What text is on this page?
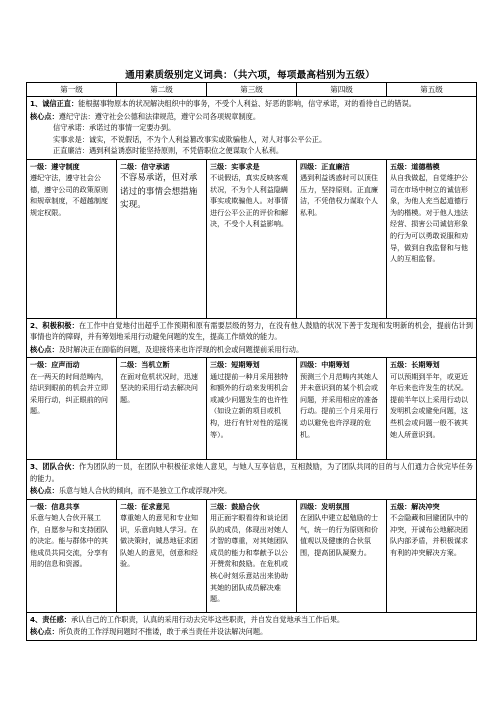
通用素质级别定义词典：（共六项，每项最高档别为五级）
第一级	第二级	第三级	第四级	第五级
1、诚信正直：能根据事物原本的状况解决组织中的事务，不受个人利益、好恶的影响，信守承诺，对的看待自己的错误。
核心点：遵纪守法：遵守社会公德和法律规范，遵守公司各项规章制度。
信守承诺：承诺过的事情一定要办到。
实事求是：诚实，不说假话，不为个人利益篡改事实或欺骗他人，对人对事公平公正。
正直廉洁：遇到利益诱惑时能坚持原则，不凭借职位之便谋取个人私利。
一级：遵守制度
遵纪守法，遵守社会公德，遵守公司的政策原则和规章制度，不超越制度规定权限。
二级：信守承诺
不容易承诺，但对承诺过的事情会想措施实现。
三级：实事求是
不说假话，真实反映客观状况，不为个人利益隐瞒事实或欺骗他人。对事情进行公平公正的评价和解决，不受个人利益影响。
四级：正直廉洁
遇到利益诱惑时可以顶住压力，坚持原则。正直廉洁，不凭借权力谋取个人私利。
五级：道德楷模
从自我做起，自觉维护公司在市场中树立的诚信形象，为他人充当起道德行为的楷模。对于他人违法经营、损害公司诚信形象的行为可以勇敢说服和劝导，做到自我监督和与他人的互相监督。
2、积极积极：在工作中自觉地付出超乎工作预期和原有需要层级的努力，在没有他人鼓励的状况下善于发现和发明新的机会，提前估计到事情也许的障碍，并有筹划地采用行动避免问题的发生，提高工作绩效的能力。
核心点：及时解决正在面临的问题，及迎接将来也许浮现的机会或问题提前采用行动。
一级：应声而动
在一两天的时间范畴内，结识到眼前的机会并立即采用行动，纠正眼前的问题。
二级：当机立断
在面对危机状况时，迅速坚决的采用行动去解决问题。
三级：短期筹划
通过提前一种月采用独特和额外的行动来发明机会或减少问题发生的也许性（如设立新的项目或机构，进行有针对性的巡视等）。
四级：中期筹划
预测三个月范畴内其她人并未意识到的某个机会或问题，并采用相应的准备行动。提前三个月采用行动以避免也许浮现的危机。
五级：长期筹划
可以预期到半年，或更近年后来也许发生的状况。提前半年以上采用行动以发明机会或避免问题，这些机会或问题一般不被其她人所意识到。
3、团队合伙：作为团队的一员，在团队中积极征求她人意见，与她人互享信息，互相鼓励，为了团队共同的目的与人们通力合伙完毕任务的能力。
核心点：乐意与她人合伙的倾向，而不是独立工作或浮现冲突。
一级：信息共享
乐意与她人合伙开展工作，自愿参与和支持团队的决定。能与群体中的其他成员共同交流，分享有用的信息和资源。
二级：征求意见
尊重她人的意见和专业知识，乐意向她人学习。在做决策时，诚恳地征求团队她人的意见，创意和经验。
三级：鼓励合伙
用正面字眼看待和谈论团队的成员，体现出对她人才智的尊重，对其她团队成员的能力和奉献予以公开赞赏和鼓励。在危机或核心时刻乐意站出来协助其她的团队成员解决难题。
四级：发明氛围
在团队中建立起勉励的士气，统一的行为原则和价值观以及健康的合伙氛围，提高团队凝聚力。
五级：解决冲突
不会隐藏和回避团队中的冲突，开诚布公地解决团队内部矛盾，并积极谋求有利的冲突解决方案。
4、责任感：承认自己的工作职责，认真的采用行动去完毕这些职责，并自发自觉地承当工作后果。
核心点：所负责的工作浮现问题时不推诿，敢于承当责任并设法解决问题。
